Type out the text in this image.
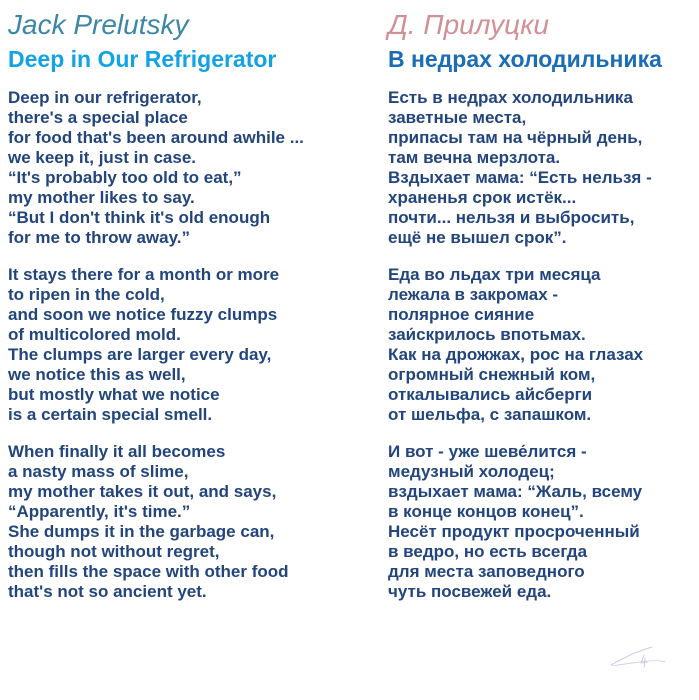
Jack Prelutsky
Deep in Our Refrigerator
Deep in our refrigerator,
there's a special place
for food that's been around awhile ...
we keep it, just in case.
“It's probably too old to eat,”
my mother likes to say.
“But I don't think it's old enough
for me to throw away.”
It stays there for a month or more
to ripen in the cold,
and soon we notice fuzzy clumps
of multicolored mold.
The clumps are larger every day,
we notice this as well,
but mostly what we notice
is a certain special smell.
When finally it all becomes
a nasty mass of slime,
my mother takes it out, and says,
“Apparently, it's time.”
She dumps it in the garbage can,
though not without regret,
then fills the space with other food
that's not so ancient yet.
Д. Прилуцки
В недрах холодильника
Есть в недрах холодильника
заветные места,
припасы там на чёрный день,
там вечна мерзлота.
Вздыхает мама: “Есть нельзя -
храненья срок истёк...
почти... нельзя и выбросить,
ещё не вышел срок”.
Еда во льдах три месяца
лежала в закромах -
полярное сияние
заи́скрилось впотьмах.
Как на дрожжах, рос на глазах
огромный снежный ком,
откалывались айсберги
от шельфа, с запашком.
И вот - уже шеве́лится -
медузный холодец;
вздыхает мама: “Жаль, всему
в конце концов конец”.
Несёт продукт просроченный
в ведро, но есть всегда
для места заповедного
чуть посвежей еда.
